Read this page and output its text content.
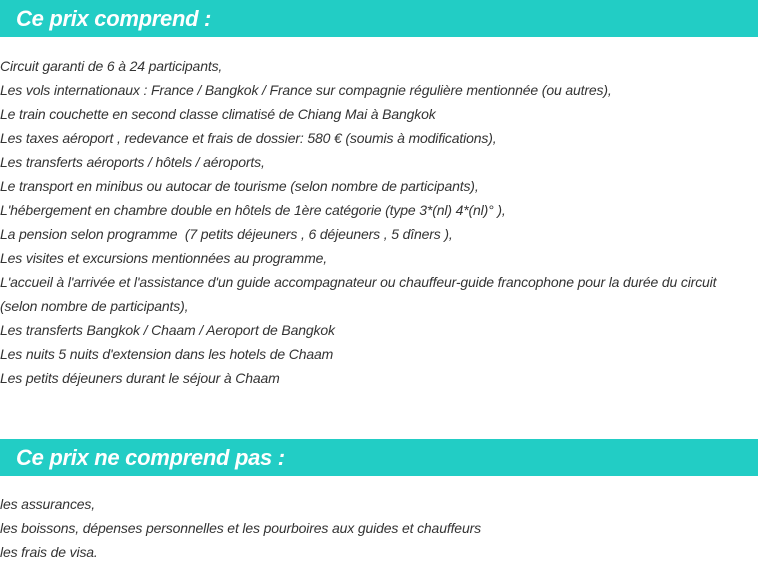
Ce prix comprend :
Circuit garanti de 6 à 24 participants,
Les vols internationaux : France / Bangkok / France sur compagnie régulière mentionnée (ou autres),
Le train couchette en second classe climatisé de Chiang Mai à Bangkok
Les taxes aéroport , redevance et frais de dossier: 580 € (soumis à modifications),
Les transferts aéroports / hôtels / aéroports,
Le transport en minibus ou autocar de tourisme (selon nombre de participants),
L'hébergement en chambre double en hôtels de 1ère catégorie (type 3*(nl) 4*(nl)° ),
La pension selon programme  (7 petits déjeuners , 6 déjeuners , 5 dîners ),
Les visites et excursions mentionnées au programme,
L'accueil à l'arrivée et l'assistance d'un guide accompagnateur ou chauffeur-guide francophone pour la durée du circuit (selon nombre de participants),
Les transferts Bangkok / Chaam / Aeroport de Bangkok
Les nuits 5 nuits d'extension dans les hotels de Chaam
Les petits déjeuners durant le séjour à Chaam
Ce prix ne comprend pas :
les assurances,
les boissons, dépenses personnelles et les pourboires aux guides et chauffeurs
les frais de visa.
